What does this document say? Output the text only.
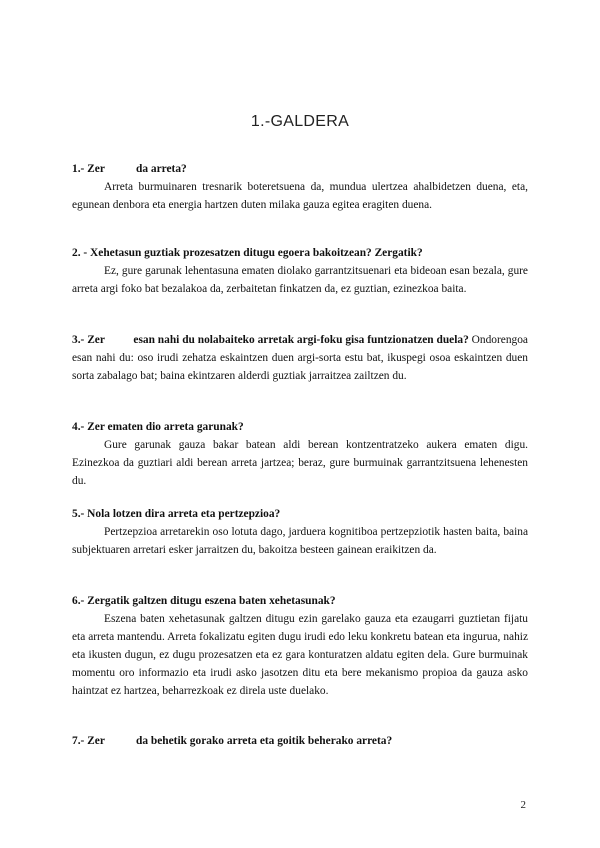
1.-GALDERA
1.- Zer           da arreta?
Arreta burmuinaren tresnarik boteretsuena da, mundua ulertzea ahalbidetzen duena, eta, egunean denbora eta energia hartzen duten milaka gauza egitea eragiten duena.
2. - Xehetasun guztiak prozesatzen ditugu egoera bakoitzean? Zergatik?
Ez, gure garunak lehentasuna ematen diolako garrantzitsuenari eta bideoan esan bezala, gure arreta argi foko bat bezalakoa da, zerbaitetan finkatzen da, ez guztian, ezinezkoa baita.
3.- Zer          esan nahi du nolabaiteko arretak argi-foku gisa funtzionatzen duela? Ondorengoa esan nahi du: oso irudi zehatza eskaintzen duen argi-sorta estu bat, ikuspegi osoa eskaintzen duen sorta zabalago bat; baina ekintzaren alderdi guztiak jarraitzea zailtzen du.
4.- Zer ematen dio arreta garunak?
Gure garunak gauza bakar batean aldi berean kontzentratzeko aukera ematen digu. Ezinezkoa da guztiari aldi berean arreta jartzea; beraz, gure burmuinak garrantzitsuena lehenesten du.
5.- Nola lotzen dira arreta eta pertzepzioa?
Pertzepzioa arretarekin oso lotuta dago, jarduera kognitiboa pertzepziotik hasten baita, baina subjektuaren arretari esker jarraitzen du, bakoitza besteen gainean eraikitzen da.
6.- Zergatik galtzen ditugu eszena baten xehetasunak?
Eszena baten xehetasunak galtzen ditugu ezin garelako gauza eta ezaugarri guztietan fijatu eta arreta mantendu. Arreta fokalizatu egiten dugu irudi edo leku konkretu batean eta ingurua, nahiz eta ikusten dugun, ez dugu prozesatzen eta ez gara konturatzen aldatu egiten dela. Gure burmuinak momentu oro informazio eta irudi asko jasotzen ditu eta bere mekanismo propioa da gauza asko haintzat ez hartzea, beharrezkoak ez direla uste duelako.
7.- Zer           da behetik gorako arreta eta goitik beherako arreta?
2
